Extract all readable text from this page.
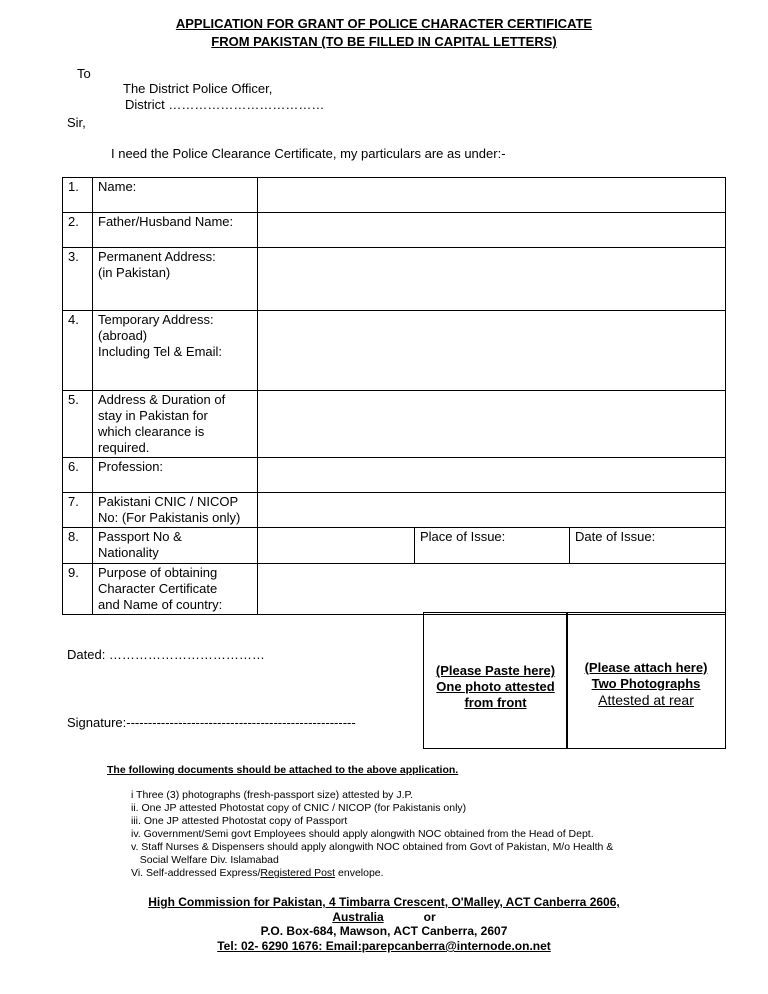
APPLICATION FOR GRANT OF POLICE CHARACTER CERTIFICATE
FROM PAKISTAN (TO BE FILLED IN CAPITAL LETTERS)
To
The District Police Officer,
District ………………………………
Sir,
I need the Police Clearance Certificate, my particulars are as under:-
1.	Name:			
2.	Father/Husband Name:			
3.	Permanent Address:
(in Pakistan)			
4.	Temporary Address:
(abroad)
Including Tel & Email:			
5.	Address & Duration of
stay in Pakistan for
which clearance is
required.			
6.	Profession:			
7.	Pakistani CNIC / NICOP
No: (For Pakistanis only)			
8.	Passport No &
Nationality		Place of Issue:	Date of Issue:
9.	Purpose of obtaining
Character Certificate
and Name of country:			
Dated: ………………………………
Signature:-----------------------------------------------------
(Please Paste here)
One photo attested
from front
(Please attach here)
Two Photographs
Attested at rear
The following documents should be attached to the above application.
i Three (3) photographs (fresh-passport size) attested by J.P.
ii. One JP attested Photostat copy of CNIC / NICOP (for Pakistanis only)
iii. One JP attested Photostat copy of Passport
iv. Government/Semi govt Employees should apply alongwith NOC obtained from the Head of Dept.
v. Staff Nurses & Dispensers should apply alongwith NOC obtained from Govt of Pakistan, M/o Health &
Social Welfare Div. Islamabad
Vi. Self-addressed Express/Registered Post envelope.
High Commission for Pakistan, 4 Timbarra Crescent, O'Malley, ACT Canberra 2606,
Australia	or
P.O. Box-684, Mawson, ACT Canberra, 2607
Tel: 02- 6290 1676: Email:parepcanberra@internode.on.net
